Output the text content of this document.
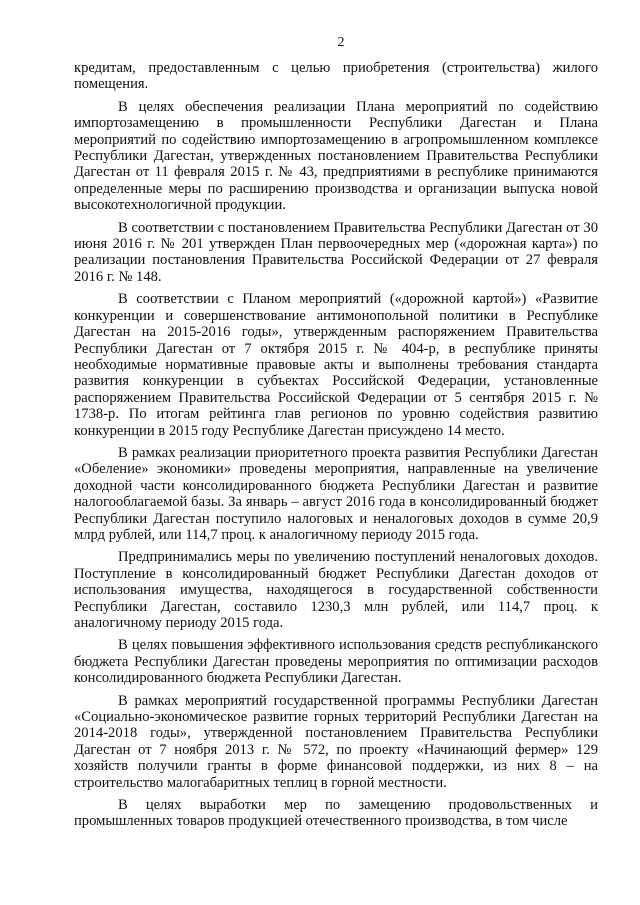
2

кредитам, предоставленным с целью приобретения (строительства) жилого помещения.

В целях обеспечения реализации Плана мероприятий по содействию импортозамещению в промышленности Республики Дагестан и Плана мероприятий по содействию импортозамещению в агропромышленном комплексе Республики Дагестан, утвержденных постановлением Правительства Республики Дагестан от 11 февраля 2015 г. № 43, предприятиями в республике принимаются определенные меры по расширению производства и организации выпуска новой высокотехнологичной продукции.

В соответствии с постановлением Правительства Республики Дагестан от 30 июня 2016 г. № 201 утвержден План первоочередных мер («дорожная карта») по реализации постановления Правительства Российской Федерации от 27 февраля 2016 г. № 148.

В соответствии с Планом мероприятий («дорожной картой») «Развитие конкуренции и совершенствование антимонопольной политики в Республике Дагестан на 2015-2016 годы», утвержденным распоряжением Правительства Республики Дагестан от 7 октября 2015 г. № 404-р, в республике приняты необходимые нормативные правовые акты и выполнены требования стандарта развития конкуренции в субъектах Российской Федерации, установленные распоряжением Правительства Российской Федерации от 5 сентября 2015 г. № 1738-р. По итогам рейтинга глав регионов по уровню содействия развитию конкуренции в 2015 году Республике Дагестан присуждено 14 место.

В рамках реализации приоритетного проекта развития Республики Дагестан «Обеление» экономики» проведены мероприятия, направленные на увеличение доходной части консолидированного бюджета Республики Дагестан и развитие налогооблагаемой базы. За январь – август 2016 года в консолидированный бюджет Республики Дагестан поступило налоговых и неналоговых доходов в сумме 20,9 млрд рублей, или 114,7 проц. к аналогичному периоду 2015 года.

Предпринимались меры по увеличению поступлений неналоговых доходов. Поступление в консолидированный бюджет Республики Дагестан доходов от использования имущества, находящегося в государственной собственности Республики Дагестан, составило 1230,3 млн рублей, или 114,7 проц. к аналогичному периоду 2015 года.

В целях повышения эффективного использования средств республиканского бюджета Республики Дагестан проведены мероприятия по оптимизации расходов консолидированного бюджета Республики Дагестан.

В рамках мероприятий государственной программы Республики Дагестан «Социально-экономическое развитие горных территорий Республики Дагестан на 2014-2018 годы», утвержденной постановлением Правительства Республики Дагестан от 7 ноября 2013 г. № 572, по проекту «Начинающий фермер» 129 хозяйств получили гранты в форме финансовой поддержки, из них 8 – на строительство малогабаритных теплиц в горной местности.

В целях выработки мер по замещению продовольственных и промышленных товаров продукцией отечественного производства, в том числе
